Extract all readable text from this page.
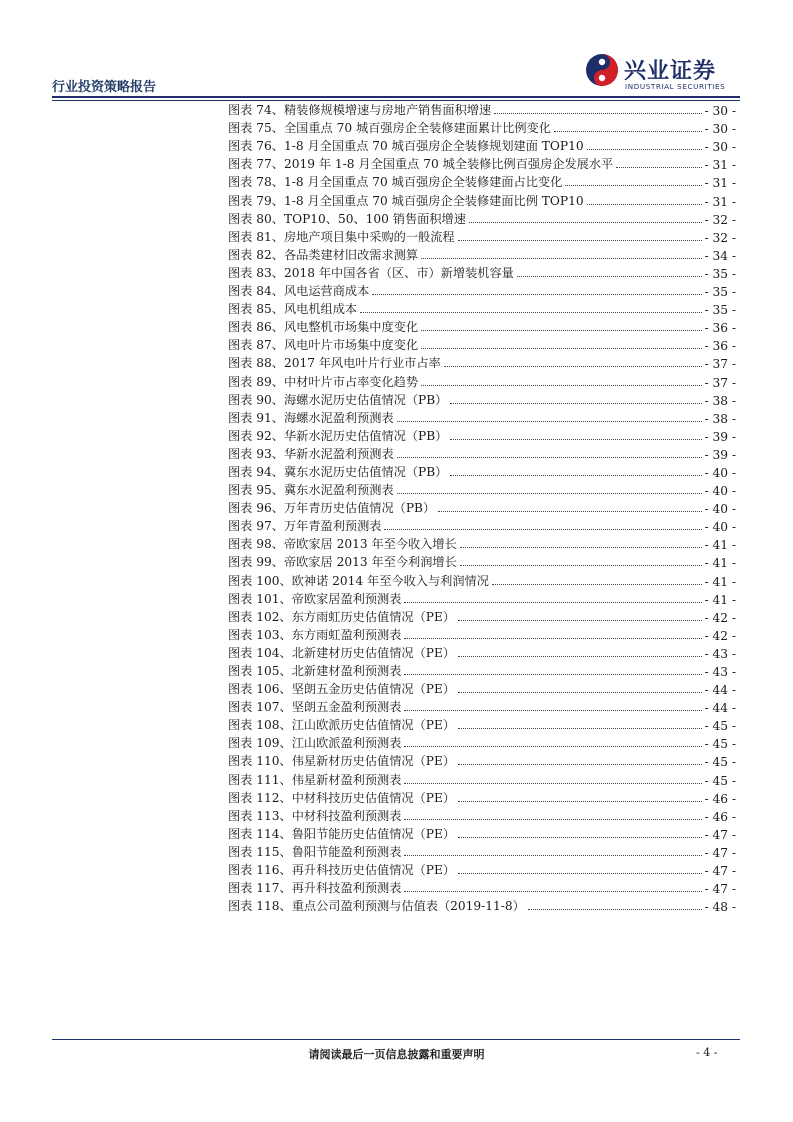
行业投资策略报告
兴业证券
INDUSTRIAL SECURITIES
图表 74、精装修规模增速与房地产销售面积增速	- 30 -
图表 75、全国重点 70 城百强房企全装修建面累计比例变化	- 30 -
图表 76、1-8 月全国重点 70 城百强房企全装修规划建面 TOP10	- 30 -
图表 77、2019 年 1-8 月全国重点 70 城全装修比例百强房企发展水平	- 31 -
图表 78、1-8 月全国重点 70 城百强房企全装修建面占比变化	- 31 -
图表 79、1-8 月全国重点 70 城百强房企全装修建面比例 TOP10	- 31 -
图表 80、TOP10、50、100 销售面积增速	- 32 -
图表 81、房地产项目集中采购的一般流程	- 32 -
图表 82、各品类建材旧改需求测算	- 34 -
图表 83、2018 年中国各省（区、市）新增装机容量	- 35 -
图表 84、风电运营商成本	- 35 -
图表 85、风电机组成本	- 35 -
图表 86、风电整机市场集中度变化	- 36 -
图表 87、风电叶片市场集中度变化	- 36 -
图表 88、2017 年风电叶片行业市占率	- 37 -
图表 89、中材叶片市占率变化趋势	- 37 -
图表 90、海螺水泥历史估值情况（PB）	- 38 -
图表 91、海螺水泥盈利预测表	- 38 -
图表 92、华新水泥历史估值情况（PB）	- 39 -
图表 93、华新水泥盈利预测表	- 39 -
图表 94、冀东水泥历史估值情况（PB）	- 40 -
图表 95、冀东水泥盈利预测表	- 40 -
图表 96、万年青历史估值情况（PB）	- 40 -
图表 97、万年青盈利预测表	- 40 -
图表 98、帝欧家居 2013 年至今收入增长	- 41 -
图表 99、帝欧家居 2013 年至今利润增长	- 41 -
图表 100、欧神诺 2014 年至今收入与利润情况	- 41 -
图表 101、帝欧家居盈利预测表	- 41 -
图表 102、东方雨虹历史估值情况（PE）	- 42 -
图表 103、东方雨虹盈利预测表	- 42 -
图表 104、北新建材历史估值情况（PE）	- 43 -
图表 105、北新建材盈利预测表	- 43 -
图表 106、坚朗五金历史估值情况（PE）	- 44 -
图表 107、坚朗五金盈利预测表	- 44 -
图表 108、江山欧派历史估值情况（PE）	- 45 -
图表 109、江山欧派盈利预测表	- 45 -
图表 110、伟星新材历史估值情况（PE）	- 45 -
图表 111、伟星新材盈利预测表	- 45 -
图表 112、中材科技历史估值情况（PE）	- 46 -
图表 113、中材科技盈利预测表	- 46 -
图表 114、鲁阳节能历史估值情况（PE）	- 47 -
图表 115、鲁阳节能盈利预测表	- 47 -
图表 116、再升科技历史估值情况（PE）	- 47 -
图表 117、再升科技盈利预测表	- 47 -
图表 118、重点公司盈利预测与估值表（2019-11-8）	- 48 -
请阅读最后一页信息披露和重要声明	- 4 -
